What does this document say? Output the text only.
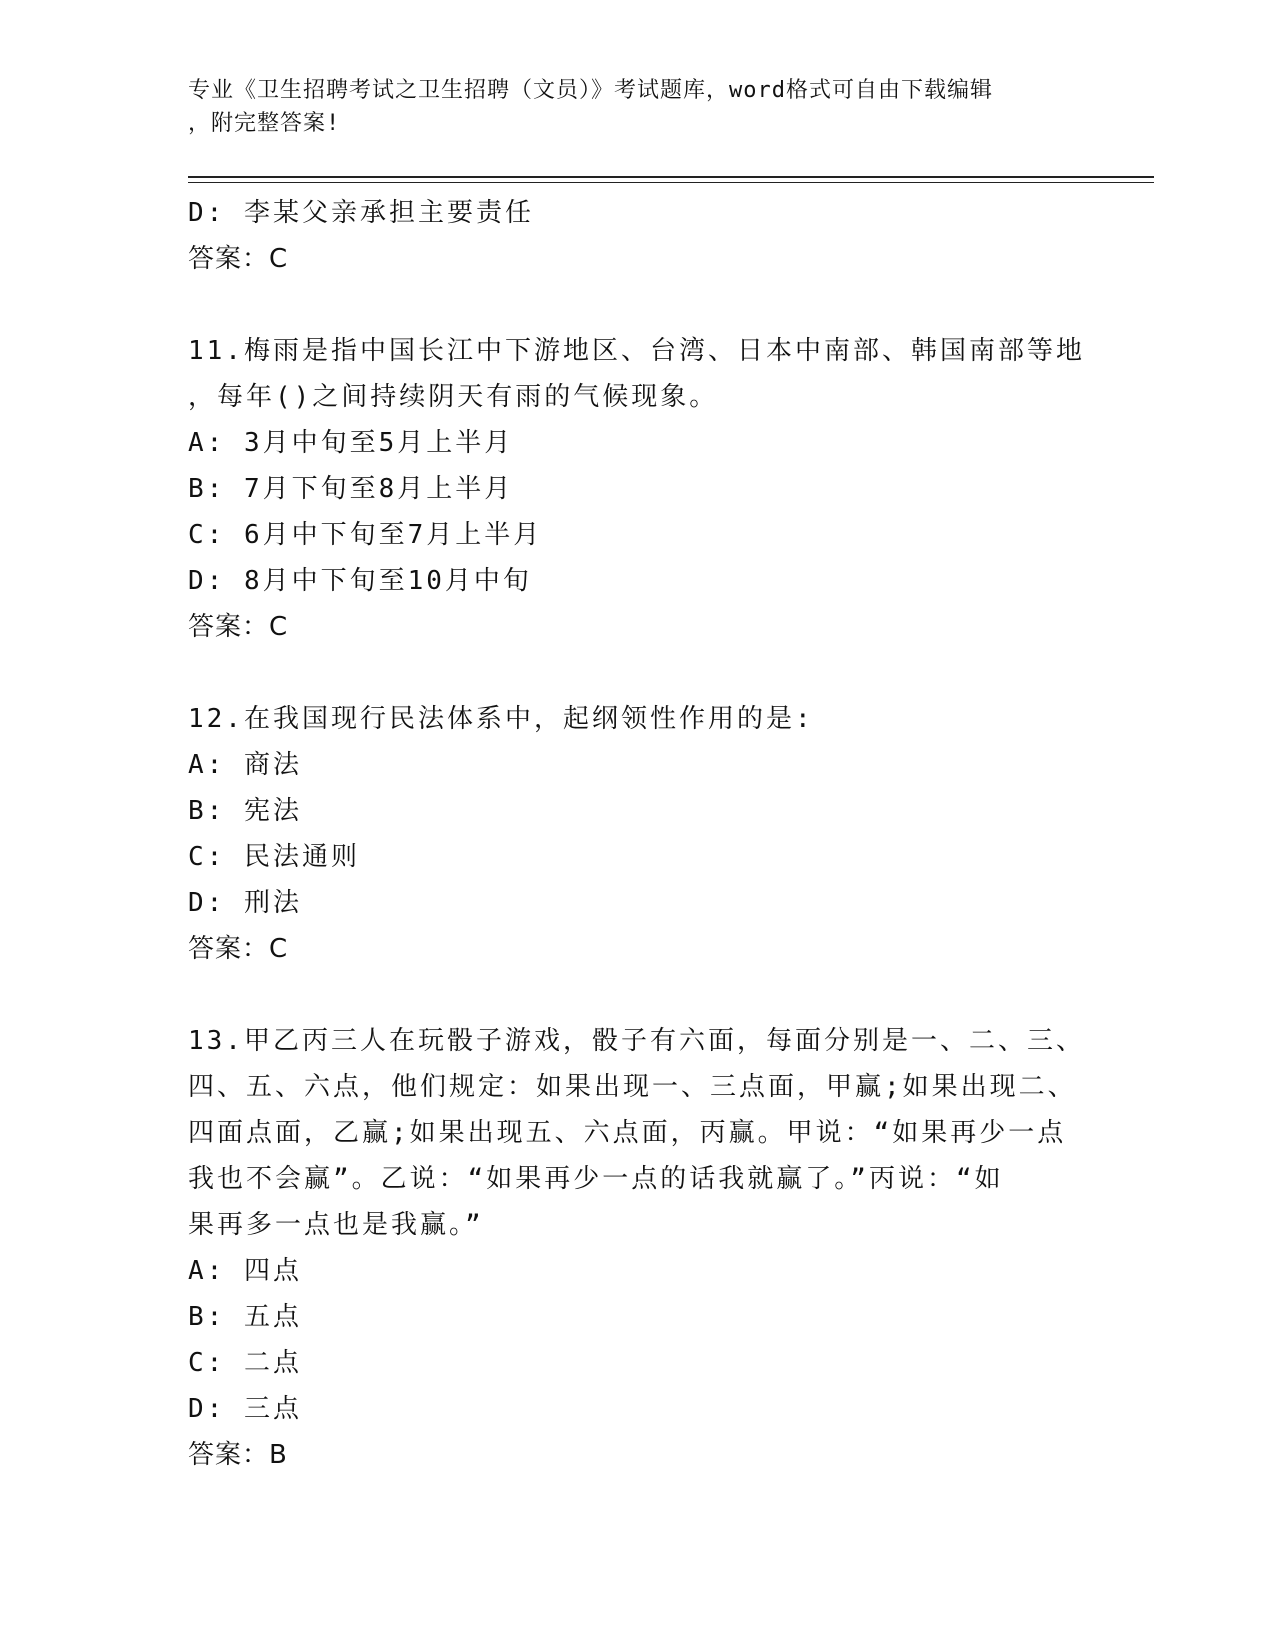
专业《卫生招聘考试之卫生招聘（文员）》考试题库，word格式可自由下载编辑
，附完整答案!
D: 李某父亲承担主要责任
答案：C
11.梅雨是指中国长江中下游地区、台湾、日本中南部、韩国南部等地
，每年()之间持续阴天有雨的气候现象。
A: 3月中旬至5月上半月
B: 7月下旬至8月上半月
C: 6月中下旬至7月上半月
D: 8月中下旬至10月中旬
答案：C
12.在我国现行民法体系中，起纲领性作用的是:
A: 商法
B: 宪法
C: 民法通则
D: 刑法
答案：C
13.甲乙丙三人在玩骰子游戏，骰子有六面，每面分别是一、二、三、
四、五、六点，他们规定：如果出现一、三点面，甲赢;如果出现二、
四面点面，乙赢;如果出现五、六点面，丙赢。甲说：“如果再少一点
我也不会赢”。乙说：“如果再少一点的话我就赢了。”丙说：“如
果再多一点也是我赢。”
A: 四点
B: 五点
C: 二点
D: 三点
答案：B
